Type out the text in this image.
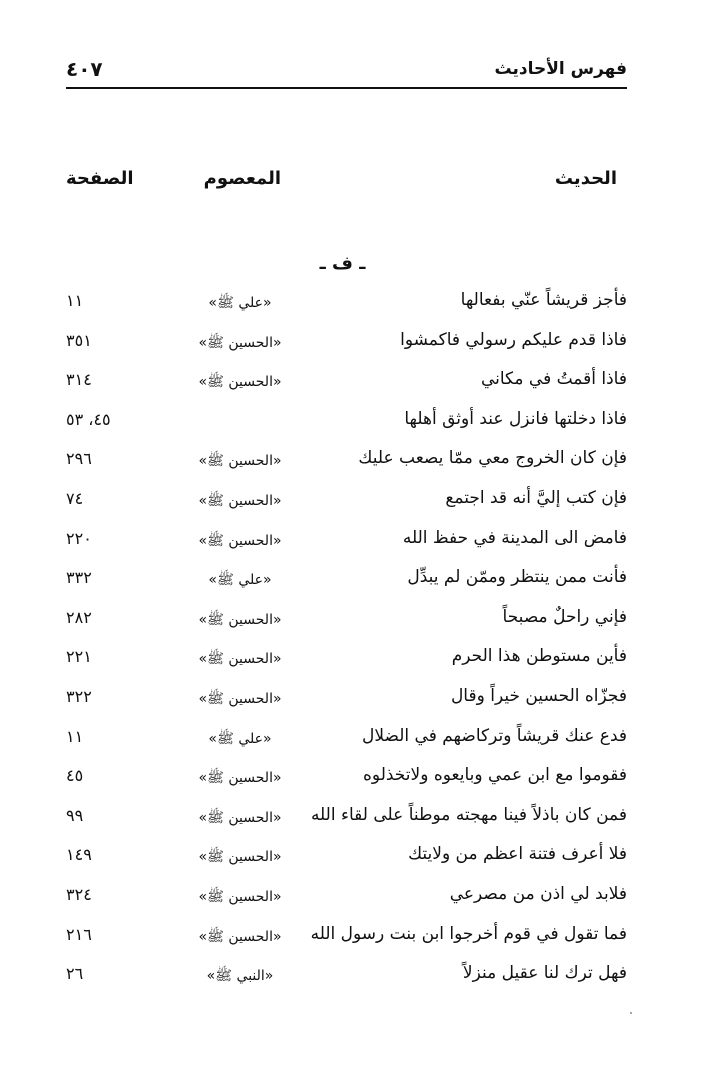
فهرس الأحاديث
٤٠٧
الحديث
المعصوم
الصفحة
ـ ف ـ
فأجز قريشاً عنّي بفعالها
«علي ﷺ»
١١
فاذا قدم عليكم رسولي فاكمشوا
«الحسين ﷺ»
٣٥١
فاذا أقمتُ في مكاني
«الحسين ﷺ»
٣١٤
فاذا دخلتها فانزل عند أوثق أهلها
٤٥، ٥٣
فإن كان الخروج معي ممّا يصعب عليك
«الحسين ﷺ»
٢٩٦
فإن كتب إليَّ أنه قد اجتمع
«الحسين ﷺ»
٧٤
فامض الى المدينة في حفظ الله
«الحسين ﷺ»
٢٢٠
فأنت ممن ينتظر وممّن لم يبدِّل
«علي ﷺ»
٣٣٢
فإني راحلٌ مصبحاً
«الحسين ﷺ»
٢٨٢
فأين مستوطن هذا الحرم
«الحسين ﷺ»
٢٢١
فجزّاه الحسين خيراً وقال
«الحسين ﷺ»
٣٢٢
فدع عنك قريشاً وتركاضهم في الضلال
«علي ﷺ»
١١
فقوموا مع ابن عمي وبايعوه ولاتخذلوه
«الحسين ﷺ»
٤٥
فمن كان باذلاً فينا مهجته موطناً على لقاء الله
«الحسين ﷺ»
٩٩
فلا أعرف فتنة اعظم من ولايتك
«الحسين ﷺ»
١٤٩
فلابد لي اذن من مصرعي
«الحسين ﷺ»
٣٢٤
فما تقول في قوم أخرجوا ابن بنت رسول الله
«الحسين ﷺ»
٢١٦
فهل ترك لنا عقيل منزلاً
«النبي ﷺ»
٢٦
